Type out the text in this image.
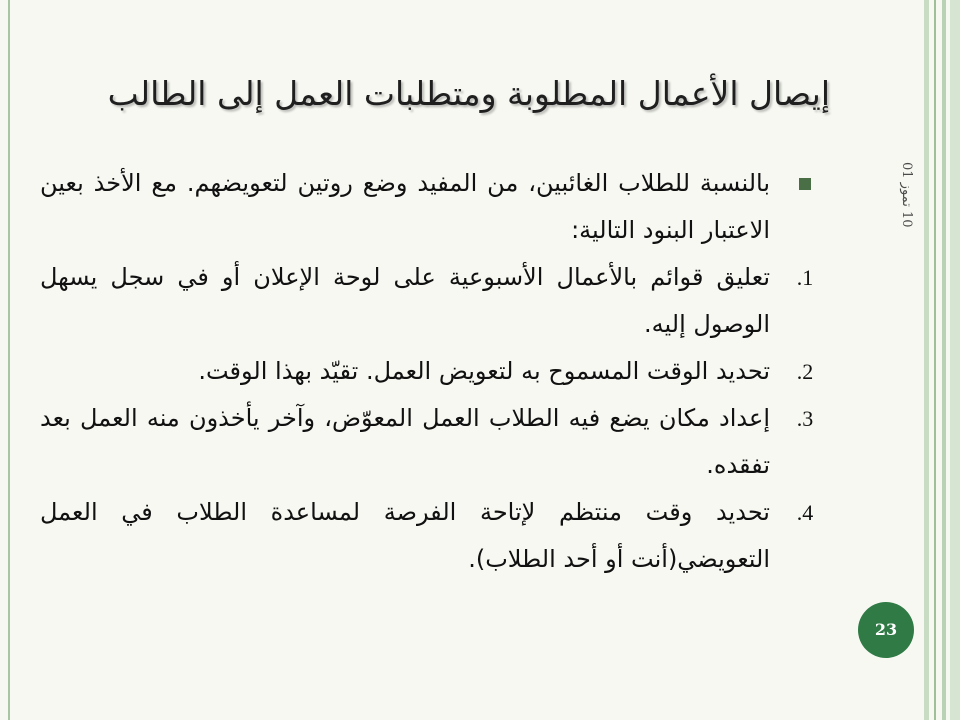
إيصال الأعمال المطلوبة ومتطلبات العمل إلى الطالب
10 تموز 01
بالنسبة للطلاب الغائبين، من المفيد وضع روتين لتعويضهم. مع الأخذ بعين الاعتبار البنود التالية:
.1
تعليق قوائم بالأعمال الأسبوعية على لوحة الإعلان أو في سجل يسهل الوصول إليه.
.2
تحديد الوقت المسموح به لتعويض العمل. تقيّد بهذا الوقت.
.3
إعداد مكان يضع فيه الطلاب العمل المعوّض، وآخر يأخذون منه العمل بعد تفقده.
.4
تحديد وقت منتظم لإتاحة الفرصة لمساعدة الطلاب في العمل التعويضي(أنت أو أحد الطلاب).
23
